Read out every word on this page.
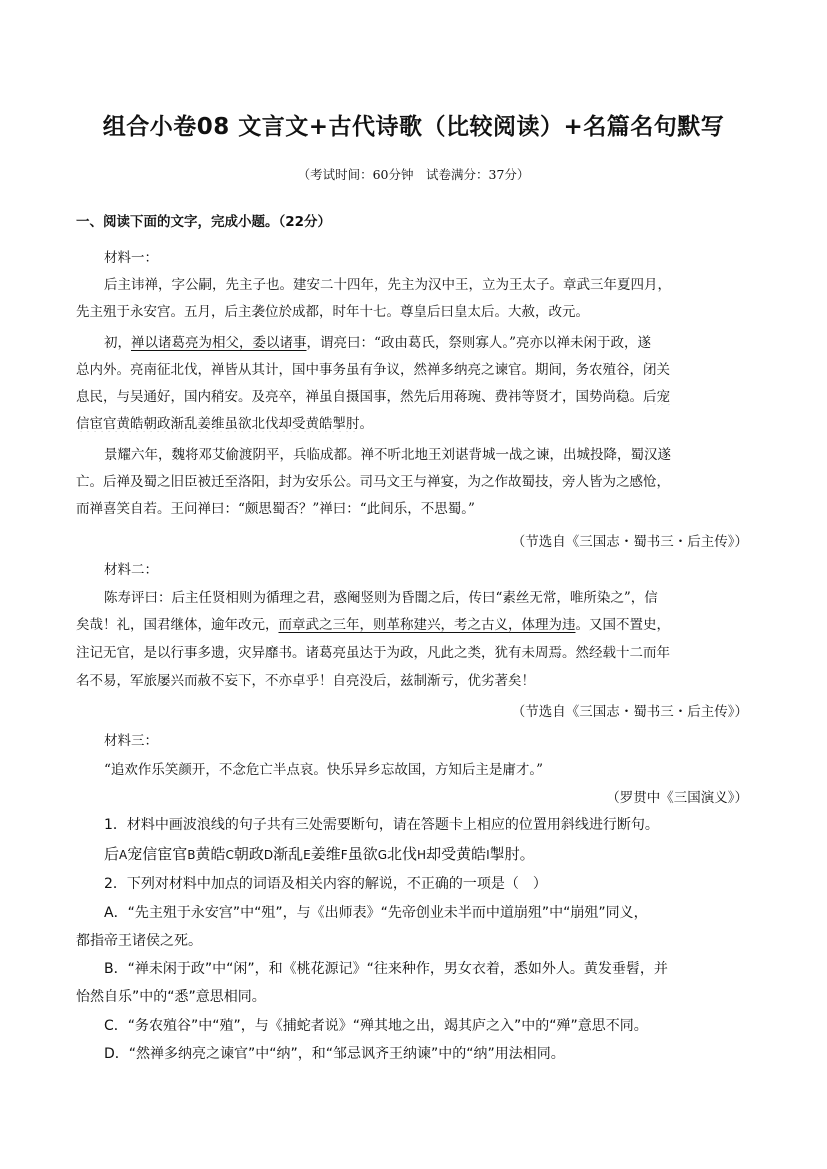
组合小卷08 文言文+古代诗歌（比较阅读）+名篇名句默写
（考试时间：60分钟　试卷满分：37分）
一、阅读下面的文字，完成小题。（22分）
材料一：
后主讳禅，字公嗣，先主子也。建安二十四年，先主为汉中王，立为王太子。章武三年夏四月，
先主殂于永安宫。五月，后主袭位於成都，时年十七。尊皇后曰皇太后。大赦，改元。
初，禅以诸葛亮为相父，委以诸事，谓亮曰：“政由葛氏，祭则寡人。”亮亦以禅未闲于政，遂
总内外。亮南征北伐，禅皆从其计，国中事务虽有争议，然禅多纳亮之谏官。期间，务农殖谷，闭关
息民，与吴通好，国内稍安。及亮卒，禅虽自摄国事，然先后用蒋琬、费祎等贤才，国势尚稳。后宠
信宦官黄皓朝政渐乱姜维虽欲北伐却受黄皓掣肘。
景耀六年，魏将邓艾偷渡阴平，兵临成都。禅不听北地王刘谌背城一战之谏，出城投降，蜀汉遂
亡。后禅及蜀之旧臣被迁至洛阳，封为安乐公。司马文王与禅宴，为之作故蜀技，旁人皆为之感怆，
而禅喜笑自若。王问禅曰：“颇思蜀否？”禅曰：“此间乐，不思蜀。”
（节选自《三国志・蜀书三・后主传》）
材料二：
陈寿评曰：后主任贤相则为循理之君，惑阉竖则为昏闇之后，传曰“素丝无常，唯所染之”，信
矣哉！礼，国君继体，逾年改元，而章武之三年，则革称建兴，考之古义，体理为违。又国不置史，
注记无官，是以行事多遗，灾异靡书。诸葛亮虽达于为政，凡此之类，犹有未周焉。然经载十二而年
名不易，军旅屡兴而赦不妄下，不亦卓乎！自亮没后，兹制渐亏，优劣著矣！
（节选自《三国志・蜀书三・后主传》）
材料三：
“追欢作乐笑颜开，不念危亡半点哀。快乐异乡忘故国，方知后主是庸才。”
（罗贯中《三国演义》）
1．材料中画波浪线的句子共有三处需要断句，请在答题卡上相应的位置用斜线进行断句。
后A宠信宦官B黄皓C朝政D渐乱E姜维F虽欲G北伐H却受黄皓I掣肘。
2．下列对材料中加点的词语及相关内容的解说，不正确的一项是（　）
A．“先主殂于永安宫”中“殂”，与《出师表》“先帝创业未半而中道崩殂”中“崩殂”同义，
都指帝王诸侯之死。
B．“禅未闲于政”中“闲”，和《桃花源记》“往来种作，男女衣着，悉如外人。黄发垂髫，并
怡然自乐”中的“悉”意思相同。
C．“务农殖谷”中“殖”，与《捕蛇者说》“殚其地之出，竭其庐之入”中的“殚”意思不同。
D．“然禅多纳亮之谏官”中“纳”，和“邹忌讽齐王纳谏”中的“纳”用法相同。
